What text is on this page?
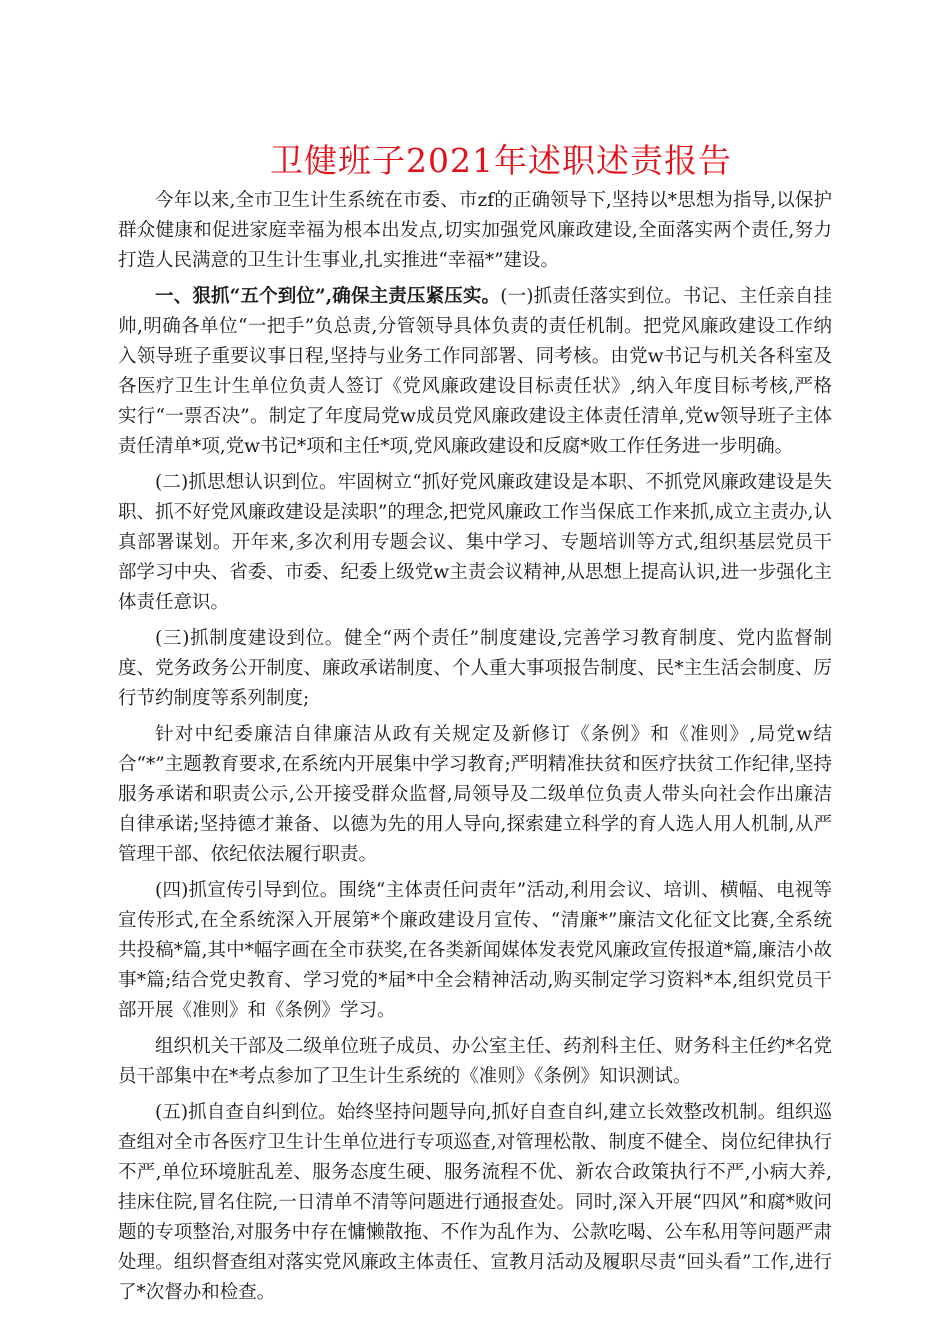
卫健班子2021年述职述责报告

今年以来,全市卫生计生系统在市委、市zf的正确领导下,坚持以*思想为指导,以保护群众健康和促进家庭幸福为根本出发点,切实加强党风廉政建设,全面落实两个责任,努力打造人民满意的卫生计生事业,扎实推进“幸福*”建设。

一、狠抓“五个到位”,确保主责压紧压实。(一)抓责任落实到位。书记、主任亲自挂帅,明确各单位“一把手”负总责,分管领导具体负责的责任机制。把党风廉政建设工作纳入领导班子重要议事日程,坚持与业务工作同部署、同考核。由党w书记与机关各科室及各医疗卫生计生单位负责人签订《党风廉政建设目标责任状》,纳入年度目标考核,严格实行“一票否决”。制定了年度局党w成员党风廉政建设主体责任清单,党w领导班子主体责任清单*项,党w书记*项和主任*项,党风廉政建设和反腐*败工作任务进一步明确。

(二)抓思想认识到位。牢固树立“抓好党风廉政建设是本职、不抓党风廉政建设是失职、抓不好党风廉政建设是渎职”的理念,把党风廉政工作当保底工作来抓,成立主责办,认真部署谋划。开年来,多次利用专题会议、集中学习、专题培训等方式,组织基层党员干部学习中央、省委、市委、纪委上级党w主责会议精神,从思想上提高认识,进一步强化主体责任意识。

(三)抓制度建设到位。健全“两个责任”制度建设,完善学习教育制度、党内监督制度、党务政务公开制度、廉政承诺制度、个人重大事项报告制度、民*主生活会制度、厉行节约制度等系列制度;

针对中纪委廉洁自律廉洁从政有关规定及新修订《条例》和《准则》,局党w结合“*”主题教育要求,在系统内开展集中学习教育;严明精准扶贫和医疗扶贫工作纪律,坚持服务承诺和职责公示,公开接受群众监督,局领导及二级单位负责人带头向社会作出廉洁自律承诺;坚持德才兼备、以德为先的用人导向,探索建立科学的育人选人用人机制,从严管理干部、依纪依法履行职责。

(四)抓宣传引导到位。围绕“主体责任问责年”活动,利用会议、培训、横幅、电视等宣传形式,在全系统深入开展第*个廉政建设月宣传、“清廉*”廉洁文化征文比赛,全系统共投稿*篇,其中*幅字画在全市获奖,在各类新闻媒体发表党风廉政宣传报道*篇,廉洁小故事*篇;结合党史教育、学习党的*届*中全会精神活动,购买制定学习资料*本,组织党员干部开展《准则》和《条例》学习。

组织机关干部及二级单位班子成员、办公室主任、药剂科主任、财务科主任约*名党员干部集中在*考点参加了卫生计生系统的《准则》《条例》知识测试。

(五)抓自查自纠到位。始终坚持问题导向,抓好自查自纠,建立长效整改机制。组织巡查组对全市各医疗卫生计生单位进行专项巡查,对管理松散、制度不健全、岗位纪律执行不严,单位环境脏乱差、服务态度生硬、服务流程不优、新农合政策执行不严,小病大养,挂床住院,冒名住院,一日清单不清等问题进行通报查处。同时,深入开展“四风”和腐*败问题的专项整治,对服务中存在慵懒散拖、不作为乱作为、公款吃喝、公车私用等问题严肃处理。组织督查组对落实党风廉政主体责任、宣教月活动及履职尽责“回头看”工作,进行了*次督办和检查。
